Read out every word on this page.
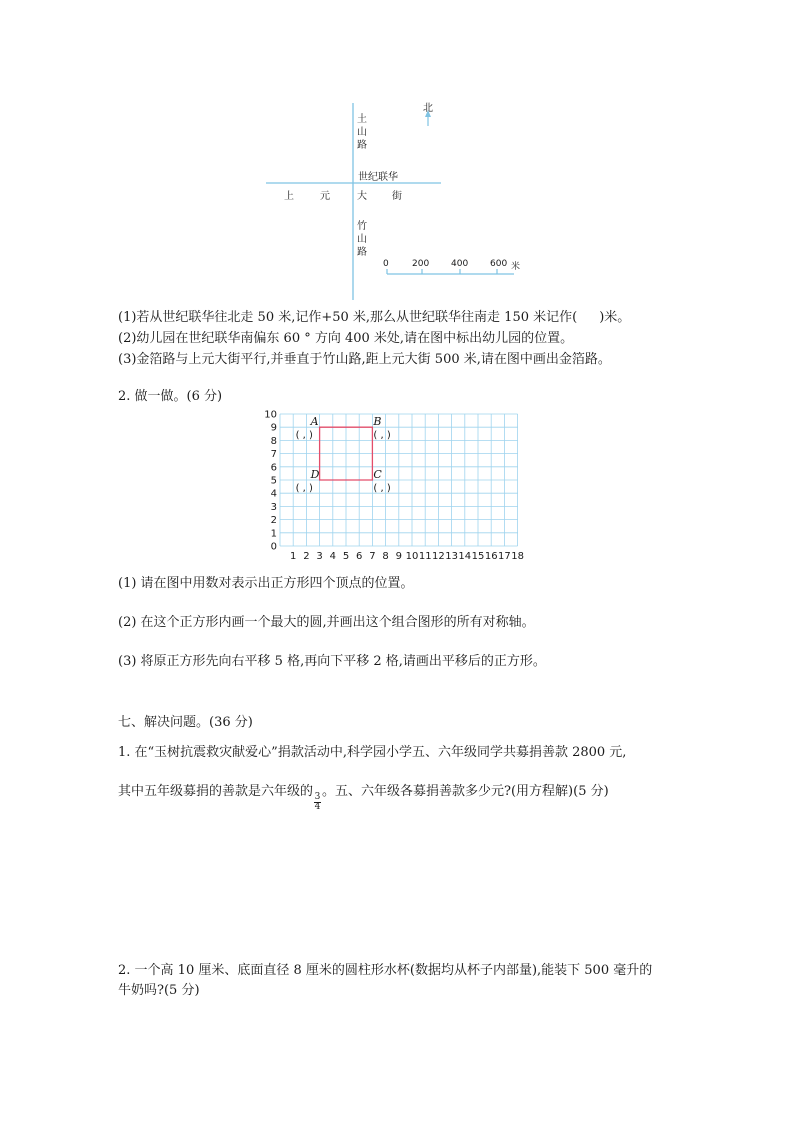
北
土
山
路
世纪联华
上	元	大	街
竹
山
路
0	200 400 600 米
(1)若从世纪联华往北走 50 米,记作+50 米,那么从世纪联华往南走 150 米记作( )米。
(2)幼儿园在世纪联华南偏东 60 ° 方向 400 米处,请在图中标出幼儿园的位置。
(3)金箔路与上元大街平行,并垂直于竹山路,距上元大街 500 米,请在图中画出金箔路。
2. 做一做。(6 分)
0
1
2
3
4
5
6
7
8
9
10
1 2 3 4 5 6 7 8 9 10 11 12 13 14 15 16 17 18
A
( , )
B
( , )
C
( , )
D
( , )
(1) 请在图中用数对表示出正方形四个顶点的位置。
(2) 在这个正方形内画一个最大的圆,并画出这个组合图形的所有对称轴。
(3) 将原正方形先向右平移 5 格,再向下平移 2 格,请画出平移后的正方形。
七、解决问题。(36 分)
1. 在“玉树抗震救灾献爱心”捐款活动中,科学园小学五、六年级同学共募捐善款 2800 元,
其中五年级募捐的善款是六年级的
$\frac{3}{4}$
。五、六年级各募捐善款多少元?(用方程解)(5 分)
2. 一个高 10 厘米、底面直径 8 厘米的圆柱形水杯(数据均从杯子内部量),能装下 500 毫升的
牛奶吗?(5 分)
